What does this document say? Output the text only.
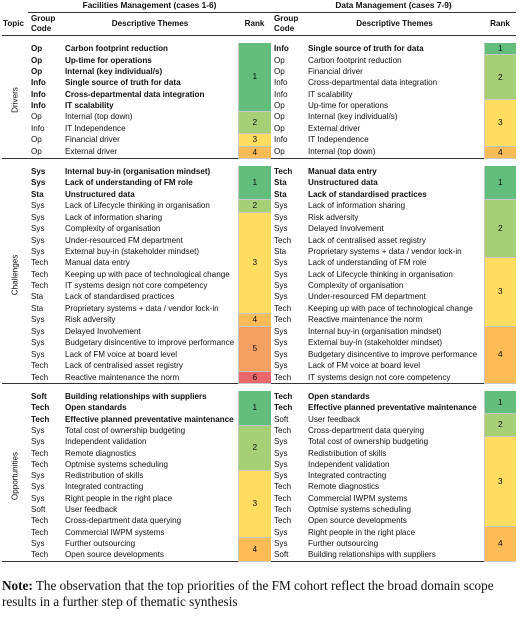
	Facilities Management (cases 1-6)			Data Management (cases 7-9)		
Topic	Group Code	Descriptive Themes	Rank	Group Code	Descriptive Themes	Rank

Drivers	Op	Carbon footprint reduction	1	Info	Single source of truth for data	1
	Op	Up-time for operations		Op	Carbon footprint reduction	2
	Op	Internal (key individual/s)		Op	Financial driver	
	Info	Single source of truth for data		Info	Cross-departmental data integration	
	Info	Cross-departmental data integration		Info	IT scalability	
	Info	IT scalability		Op	Up-time for operations	3
	Op	Internal (top down)	2	Op	Internal (key individual/s)	
	Info	IT Independence		Op	External driver	
	Op	Financial driver	3	Info	IT Independence	
	Op	External driver	4	Op	Internal (top down)	4

Challenges	Sys	Internal buy-in (organisation mindset)	1	Tech	Manual data entry	1
	Sys	Lack of understanding of FM role		Sta	Unstructured data	
	Sta	Unstructured data		Sta	Lack of standardised practices	
	Sys	Lack of Lifecycle thinking in organisation	2	Sys	Lack of information sharing	2
	Sys	Lack of information sharing	3	Sys	Risk adversity	
	Sys	Complexity of organisation		Sys	Delayed Involvement	
	Sys	Under-resourced FM department		Tech	Lack of centralised asset registry	
	Sys	External buy-in (stakeholder mindset)		Sta	Proprietary systems + data / vendor lock-in	
	Tech	Manual data entry		Sys	Lack of understanding of FM role	3
	Tech	Keeping up with pace of technological change		Sys	Lack of Lifecycle thinking in organisation	
	Tech	IT systems design not core competency		Sys	Complexity of organisation	
	Sta	Lack of standardised practices		Sys	Under-resourced FM department	
	Sta	Proprietary systems + data / vendor lock-in		Tech	Keeping up with pace of technological change	
	Sys	Risk adversity	4	Tech	Reactive maintenance the norm	
	Sys	Delayed Involvement	5	Sys	Internal buy-in (organisation mindset)	4
	Sys	Budgetary disincentive to improve performance		Sys	External buy-in (stakeholder mindset)	
	Sys	Lack of FM voice at board level		Sys	Budgetary disincentive to improve performance	
	Tech	Lack of centralised asset registry		Sys	Lack of FM voice at board level	
	Tech	Reactive maintenance the norm	6	Tech	IT systems design not core competency	

Opportunities	Soft	Building relationships with suppliers	1	Tech	Open standards	1
	Tech	Open standards		Tech	Effective planned preventative maintenance	
	Tech	Effective planned preventative maintenance		Soft	User feedback	2
	Sys	Total cost of ownership budgeting	2	Tech	Cross-department data querying	
	Sys	Independent validation		Sys	Total cost of ownership budgeting	3
	Tech	Remote diagnostics		Sys	Redistribution of skills	
	Tech	Optmise systems scheduling		Sys	Independent validation	
	Sys	Redistribution of skills	3	Sys	Integrated contracting	
	Sys	Integrated contracting		Tech	Remote diagnostics	
	Sys	Right people in the right place		Tech	Commercial IWPM systems	
	Soft	User feedback		Tech	Optmise systems scheduling	
	Tech	Cross-department data querying		Tech	Open source developments	
	Tech	Commercial IWPM systems		Sys	Right people in the right place	4
	Sys	Further outsourcing	4	Sys	Further outsourcing	
	Tech	Open source developments		Soft	Building relationships with suppliers	

Note: The observation that the top priorities of the FM cohort reflect the broad domain scope results in a further step of thematic synthesis
